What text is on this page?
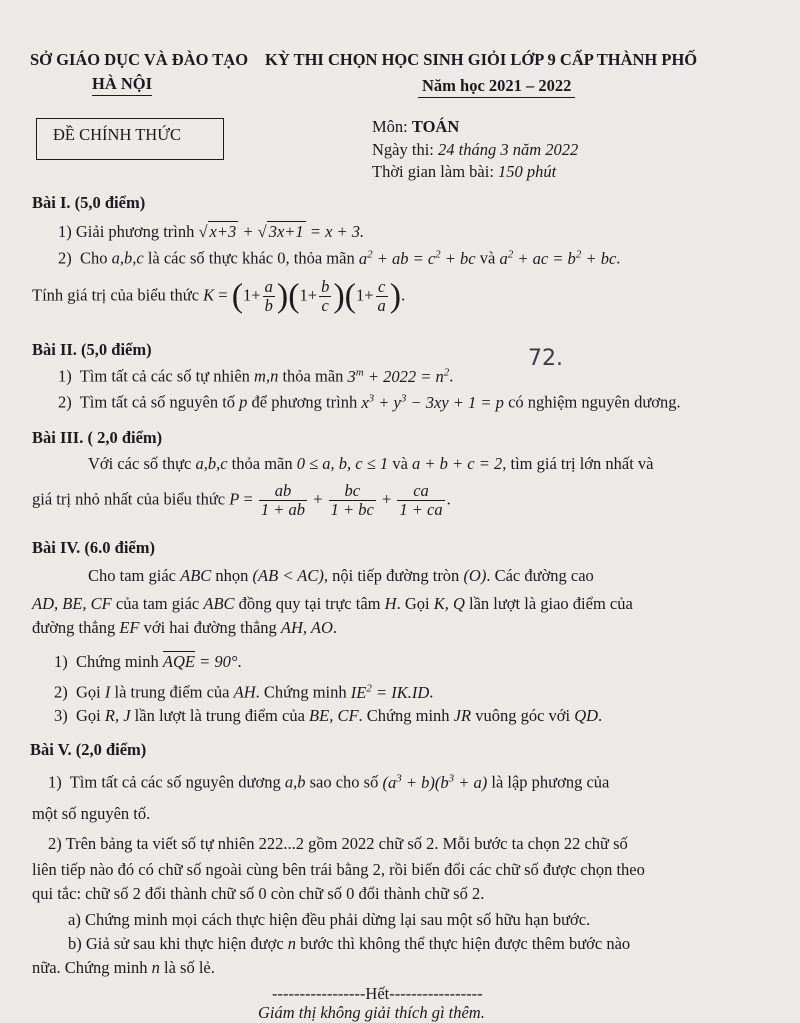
SỞ GIÁO DỤC VÀ ĐÀO TẠO
HÀ NỘI
KỲ THI CHỌN HỌC SINH GIỎI LỚP 9 CẤP THÀNH PHỐ
Năm học 2021 – 2022
ĐỀ CHÍNH THỨC	Môn: TOÁN
Ngày thi: 24 tháng 3 năm 2022
Thời gian làm bài: 150 phút
Bài I. (5,0 điểm)
1) Giải phương trình √ x+3 + √ 3x+1 = x + 3.
2)  Cho a,b,c là các số thực khác 0, thỏa mãn $a^2$ + ab = $c^2$ + bc và $a^2$ + ac = $b^2$ + bc.
Tính giá trị của biểu thức $K = (1+ \frac{a}{b} )(1+ \frac{b}{c} )(1+ \frac{c}{a}$ ).
Bài II. (5,0 điểm)
1)  Tìm tất cả các số tự nhiên m,n thỏa mãn $3^m + 2022 = n^2$.
72.
2)  Tìm tất cả số nguyên tố p để phương trình $x^3 + y^3 - 3xy + 1 = p$ có nghiệm nguyên dương.
Bài III. ( 2,0 điểm)
Với các số thực a,b,c thỏa mãn 0 ≤ a, b, c ≤ 1 và a + b + c = 2, tìm giá trị lớn nhất và
giá trị nhỏ nhất của biểu thức $P = \frac{ab}{1 + ab} + \frac{bc}{1 + bc} + \frac{ca}{1 + ca}$ .
Bài IV. (6.0 điểm)
Cho tam giác ABC nhọn (AB < AC), nội tiếp đường tròn (O). Các đường cao
AD, BE, CF của tam giác ABC đồng quy tại trực tâm H. Gọi K, Q lần lượt là giao điểm của
đường thẳng EF với hai đường thẳng AH, AO.
1)  Chứng minh AQE = 90°.
2)  Gọi I là trung điểm của AH. Chứng minh $IE^2 = IK.ID$.
3)  Gọi R, J lần lượt là trung điểm của BE, CF. Chứng minh JR vuông góc với QD.
Bài V. (2,0 điểm)
1)  Tìm tất cả các số nguyên dương a,b sao cho số $(a^3 + b)(b^3 + a)$ là lập phương của
một số nguyên tố.
2) Trên bảng ta viết số tự nhiên 222...2 gồm 2022 chữ số 2. Mỗi bước ta chọn 22 chữ số
liên tiếp nào đó có chữ số ngoài cùng bên trái bằng 2, rồi biến đổi các chữ số được chọn theo
qui tắc: chữ số 2 đổi thành chữ số 0 còn chữ số 0 đổi thành chữ số 2.
a) Chứng minh mọi cách thực hiện đều phải dừng lại sau một số hữu hạn bước.
b) Giả sử sau khi thực hiện được n bước thì không thể thực hiện được thêm bước nào
nữa. Chứng minh n là số lẻ.
-----------------Hết-----------------
Giám thị không giải thích gì thêm.
